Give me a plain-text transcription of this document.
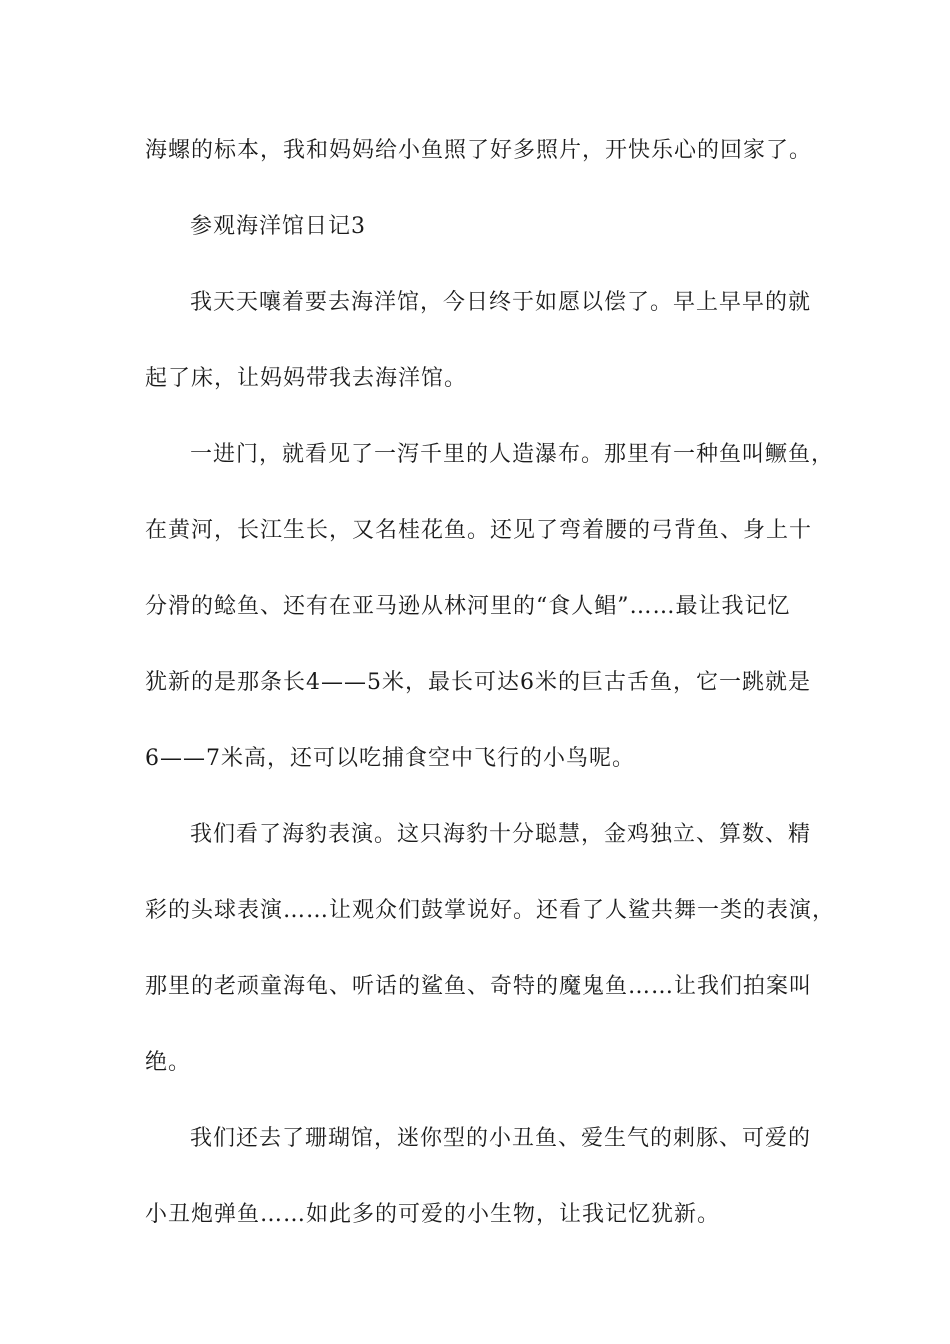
海螺的标本，我和妈妈给小鱼照了好多照片，开快乐心的回家了。
参观海洋馆日记3
我天天嚷着要去海洋馆，今日终于如愿以偿了。早上早早的就
起了床，让妈妈带我去海洋馆。
一进门，就看见了一泻千里的人造瀑布。那里有一种鱼叫鳜鱼，
在黄河，长江生长，又名桂花鱼。还见了弯着腰的弓背鱼、身上十
分滑的鲶鱼、还有在亚马逊从林河里的“食人鲳”……最让我记忆
犹新的是那条长4——5米，最长可达6米的巨古舌鱼，它一跳就是
6——7米高，还可以吃捕食空中飞行的小鸟呢。
我们看了海豹表演。这只海豹十分聪慧，金鸡独立、算数、精
彩的头球表演……让观众们鼓掌说好。还看了人鲨共舞一类的表演，
那里的老顽童海龟、听话的鲨鱼、奇特的魔鬼鱼……让我们拍案叫
绝。
我们还去了珊瑚馆，迷你型的小丑鱼、爱生气的刺豚、可爱的
小丑炮弹鱼……如此多的可爱的小生物，让我记忆犹新。
